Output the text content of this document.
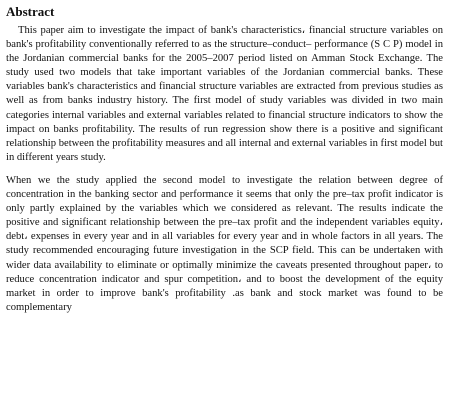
Abstract

This paper aim to investigate the impact of bank's characteristics، financial structure variables on bank's profitability conventionally referred to as the structure–conduct– performance (S C P) model in the Jordanian commercial banks for the 2005–2007 period listed on Amman Stock Exchange. The study used two models that take important variables of the Jordanian commercial banks. These variables bank's characteristics and financial structure variables are extracted from previous studies as well as from banks industry history. The first model of study variables was divided in two main categories internal variables and external variables related to financial structure indicators to show the impact on banks profitability. The results of run regression show there is a positive and significant relationship between the profitability measures and all internal and external variables in first model but in different years study.

When we the study applied the second model to investigate the relation between degree of concentration in the banking sector and performance it seems that only the pre–tax profit indicator is only partly explained by the variables which we considered as relevant. The results indicate the positive and significant relationship between the pre–tax profit and the independent variables equity، debt، expenses in every year and in all variables for every year and in whole factors in all years. The study recommended encouraging future investigation in the SCP field. This can be undertaken with wider data availability to eliminate or optimally minimize the caveats presented throughout paper، to reduce concentration indicator and spur competition، and to boost the development of the equity market in order to improve bank's profitability .as bank and stock market was found to be complementary
